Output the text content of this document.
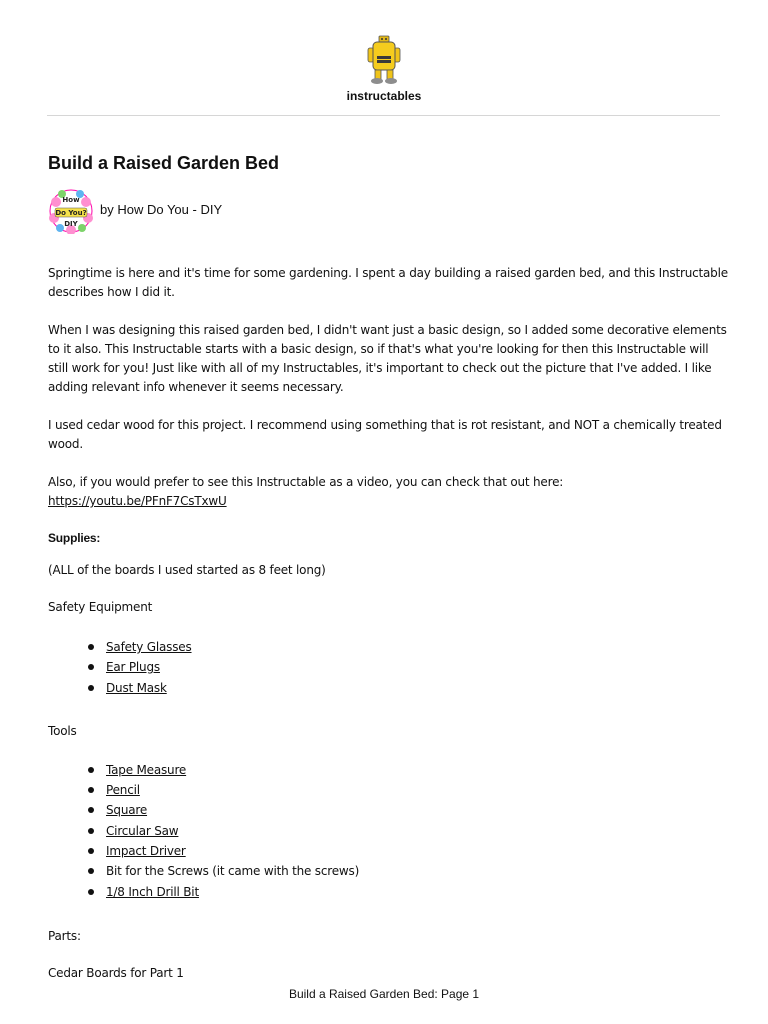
instructables
Build a Raised Garden Bed
How
Do You?
DIY
by How Do You - DIY

Springtime is here and it's time for some gardening. I spent a day building a raised garden bed, and this Instructable describes how I did it.

When I was designing this raised garden bed, I didn't want just a basic design, so I added some decorative elements to it also. This Instructable starts with a basic design, so if that's what you're looking for then this Instructable will still work for you! Just like with all of my Instructables, it's important to check out the picture that I've added. I like adding relevant info whenever it seems necessary.

I used cedar wood for this project. I recommend using something that is rot resistant, and NOT a chemically treated wood.

Also, if you would prefer to see this Instructable as a video, you can check that out here:
https://youtu.be/PFnF7CsTxwU

Supplies:

(ALL of the boards I used started as 8 feet long)

Safety Equipment

Safety Glasses
Ear Plugs
Dust Mask

Tools

Tape Measure
Pencil
Square
Circular Saw
Impact Driver
Bit for the Screws (it came with the screws)
1/8 Inch Drill Bit

Parts:

Cedar Boards for Part 1

Build a Raised Garden Bed: Page 1
